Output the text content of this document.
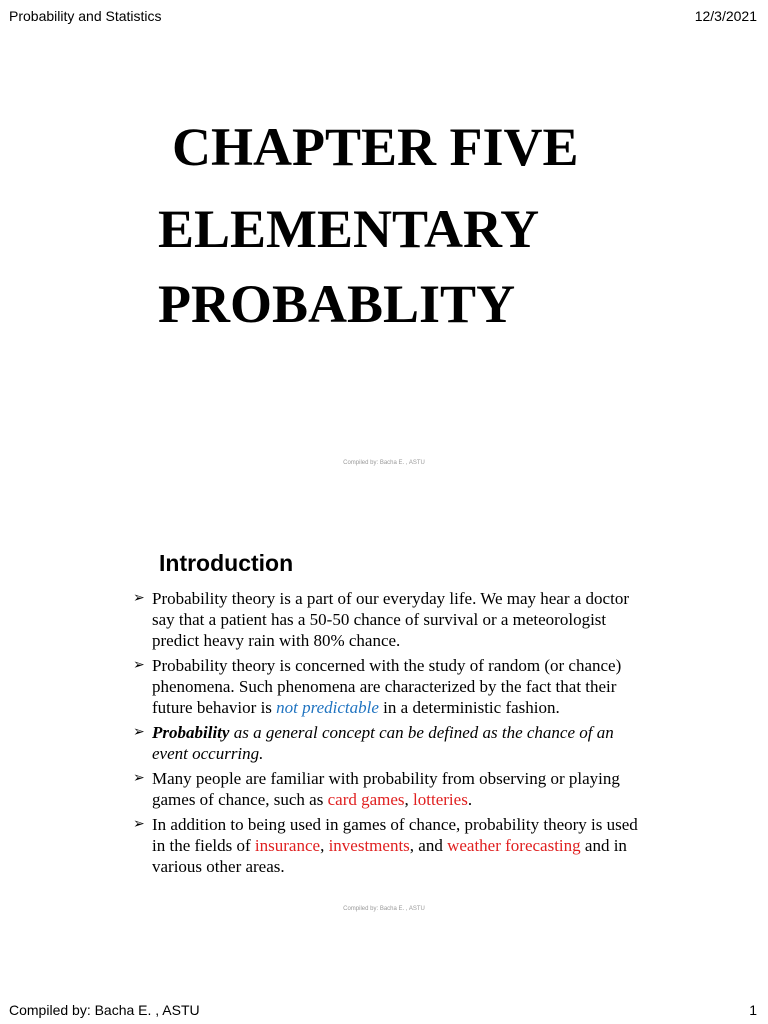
Probability and Statistics	12/3/2021
CHAPTER FIVE
ELEMENTARY
PROBABLITY
Compiled by: Bacha E. , ASTU
Introduction
➢ Probability theory is a part of our everyday life. We may hear a doctor say that a patient has a 50-50 chance of survival or a meteorologist predict heavy rain with 80% chance.
➢ Probability theory is concerned with the study of random (or chance) phenomena. Such phenomena are characterized by the fact that their future behavior is not predictable in a deterministic fashion.
➢ Probability as a general concept can be defined as the chance of an event occurring.
➢ Many people are familiar with probability from observing or playing games of chance, such as card games, lotteries.
➢ In addition to being used in games of chance, probability theory is used in the fields of insurance, investments, and weather forecasting and in various other areas.
Compiled by: Bacha E. , ASTU
Compiled by: Bacha E. , ASTU	1
